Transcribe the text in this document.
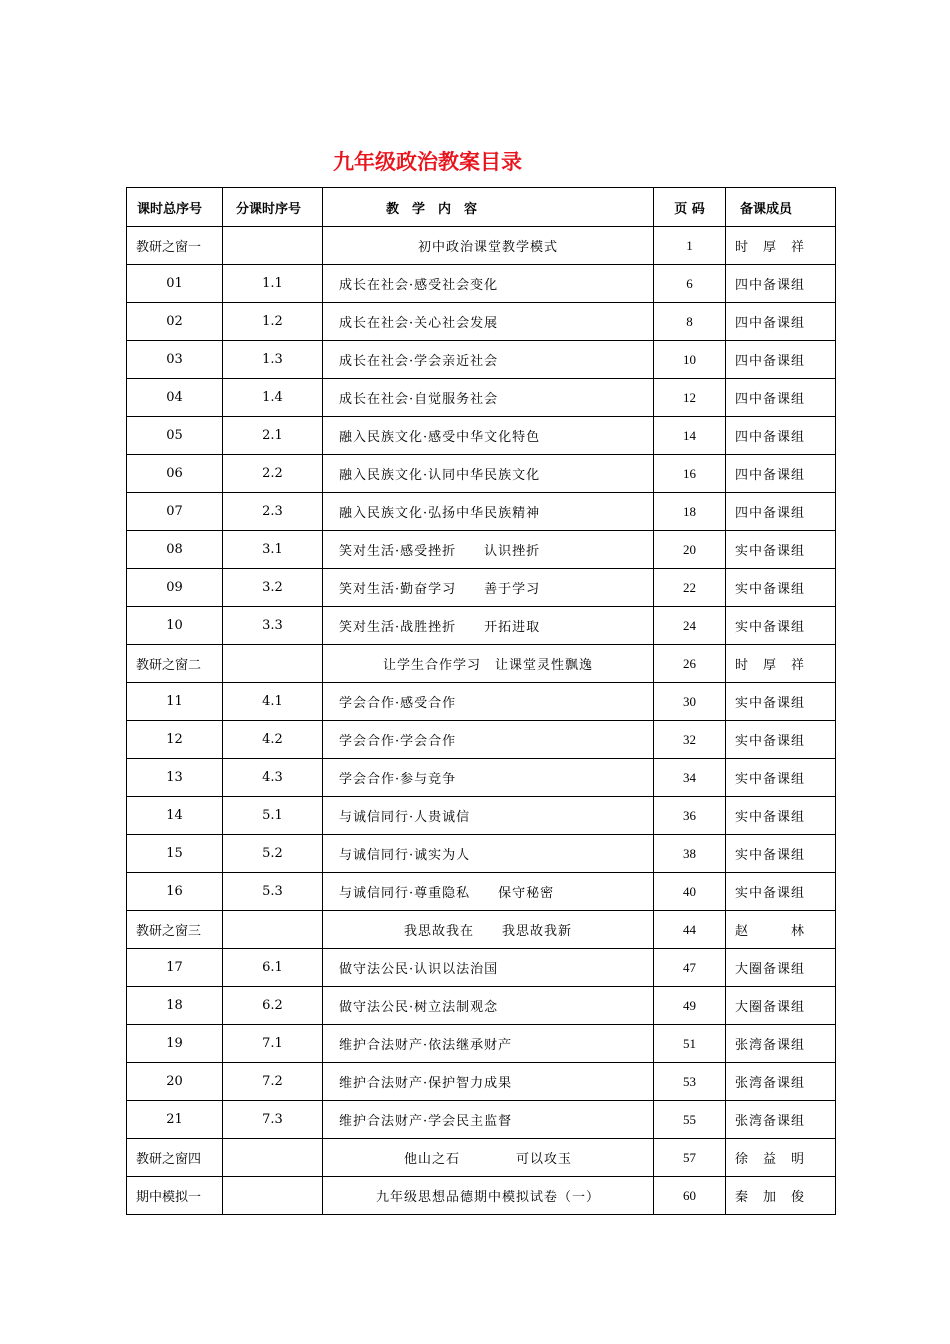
九年级政治教案目录
课时总序号	分课时序号	教　学　内　容	页 码	备课成员
教研之窗一		初中政治课堂教学模式	1	时　厚　祥
01	1.1	成长在社会·感受社会变化	6	四中备课组
02	1.2	成长在社会·关心社会发展	8	四中备课组
03	1.3	成长在社会·学会亲近社会	10	四中备课组
04	1.4	成长在社会·自觉服务社会	12	四中备课组
05	2.1	融入民族文化·感受中华文化特色	14	四中备课组
06	2.2	融入民族文化·认同中华民族文化	16	四中备课组
07	2.3	融入民族文化·弘扬中华民族精神	18	四中备课组
08	3.1	笑对生活·感受挫折　　认识挫折	20	实中备课组
09	3.2	笑对生活·勤奋学习　　善于学习	22	实中备课组
10	3.3	笑对生活·战胜挫折　　开拓进取	24	实中备课组
教研之窗二		让学生合作学习　让课堂灵性飘逸	26	时　厚　祥
11	4.1	学会合作·感受合作	30	实中备课组
12	4.2	学会合作·学会合作	32	实中备课组
13	4.3	学会合作·参与竞争	34	实中备课组
14	5.1	与诚信同行·人贵诚信	36	实中备课组
15	5.2	与诚信同行·诚实为人	38	实中备课组
16	5.3	与诚信同行·尊重隐私　　保守秘密	40	实中备课组
教研之窗三		我思故我在　　我思故我新	44	赵　　　林
17	6.1	做守法公民·认识以法治国	47	大圈备课组
18	6.2	做守法公民·树立法制观念	49	大圈备课组
19	7.1	维护合法财产·依法继承财产	51	张湾备课组
20	7.2	维护合法财产·保护智力成果	53	张湾备课组
21	7.3	维护合法财产·学会民主监督	55	张湾备课组
教研之窗四		他山之石　　　　可以攻玉	57	徐　益　明
期中模拟一		九年级思想品德期中模拟试卷（一）	60	秦　加　俊
